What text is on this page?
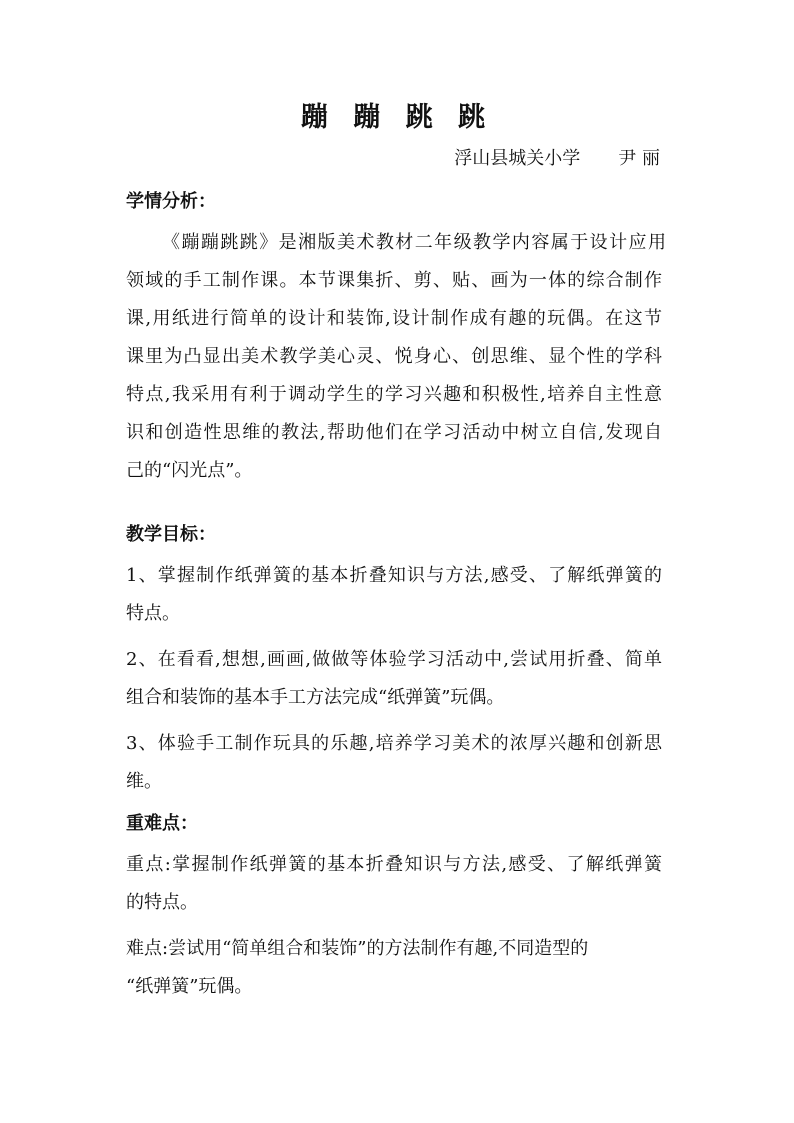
蹦 蹦 跳 跳
浮山县城关小学 尹 丽
学情分析：
《蹦蹦跳跳》是湘版美术教材二年级教学内容属于设计应用
领域的手工制作课。本节课集折、剪、贴、画为一体的综合制作
课,用纸进行简单的设计和装饰,设计制作成有趣的玩偶。在这节
课里为凸显出美术教学美心灵、悦身心、创思维、显个性的学科
特点,我采用有利于调动学生的学习兴趣和积极性,培养自主性意
识和创造性思维的教法,帮助他们在学习活动中树立自信,发现自
己的“闪光点”。
教学目标：
1、掌握制作纸弹簧的基本折叠知识与方法,感受、了解纸弹簧的
特点。
2、在看看,想想,画画,做做等体验学习活动中,尝试用折叠、简单
组合和装饰的基本手工方法完成“纸弹簧”玩偶。
3、体验手工制作玩具的乐趣,培养学习美术的浓厚兴趣和创新思
维。
重难点：
重点:掌握制作纸弹簧的基本折叠知识与方法,感受、了解纸弹簧
的特点。
难点:尝试用“简单组合和装饰”的方法制作有趣,不同造型的
“纸弹簧”玩偶。
